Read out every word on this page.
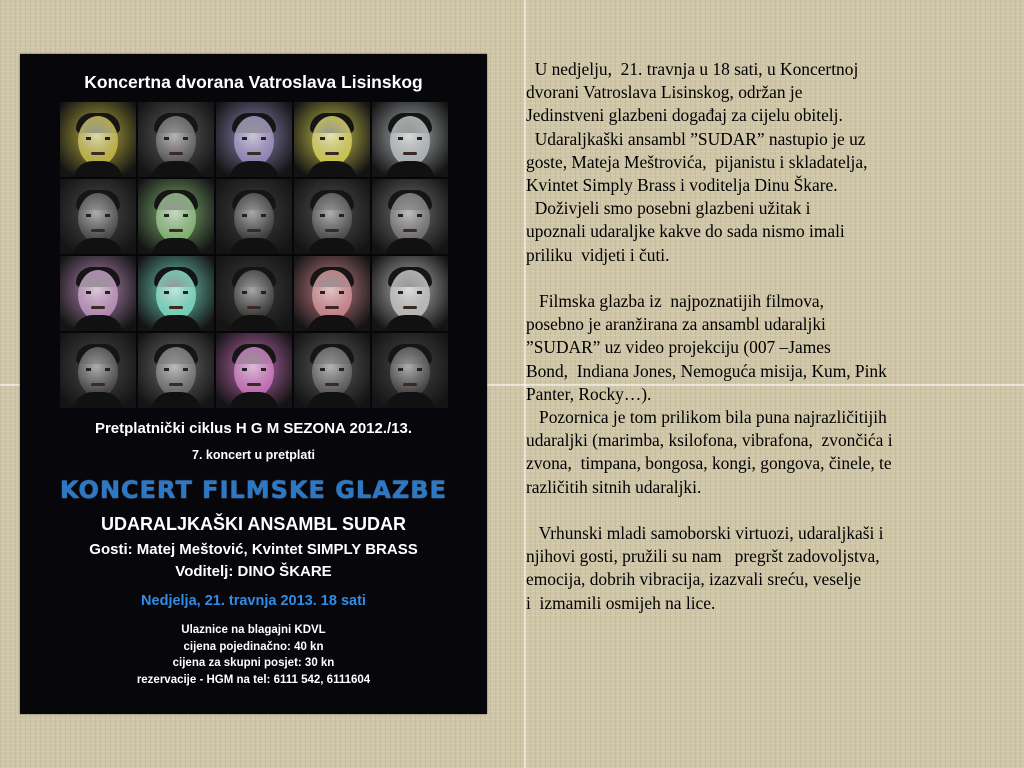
Koncertna dvorana Vatroslava Lisinskog
Pretplatnički ciklus H G M SEZONA 2012./13.
7. koncert u pretplati
KONCERT FILMSKE GLAZBE
UDARALJKAŠKI ANSAMBL SUDAR
Gosti: Matej Meštović, Kvintet SIMPLY BRASS
Voditelj: DINO ŠKARE
Nedjelja, 21. travnja 2013. 18 sati
Ulaznice na blagajni KDVL
cijena pojedinačno: 40 kn
cijena za skupni posjet: 30 kn
rezervacije - HGM na tel: 6111 542, 6111604

U nedjelju,  21. travnja u 18 sati, u Koncertnoj

dvorani Vatroslava Lisinskog, održan je

Jedinstveni glazbeni događaj za cijelu obitelj.

Udaraljkaški ansambl ”SUDAR” nastupio je uz

goste, Mateja Meštrovića,  pijanistu i skladatelja,

Kvintet Simply Brass i voditelja Dinu Škare.

Doživjeli smo posebni glazbeni užitak i

upoznali udaraljke kakve do sada nismo imali

priliku  vidjeti i čuti.

Filmska glazba iz  najpoznatijih filmova,

posebno je aranžirana za ansambl udaraljki

”SUDAR” uz video projekciju (007 –James

Bond,  Indiana Jones, Nemoguća misija, Kum, Pink

Panter, Rocky…).

Pozornica je tom prilikom bila puna najrazličitijih

udaraljki (marimba, ksilofona, vibrafona,  zvončića i

zvona,  timpana, bongosa, kongi, gongova, činele, te

različitih sitnih udaraljki.

Vrhunski mladi samoborski virtuozi, udaraljkaši i

njihovi gosti, pružili su nam   pregršt zadovoljstva,

emocija, dobrih vibracija, izazvali sreću, veselje

i  izmamili osmijeh na lice.
